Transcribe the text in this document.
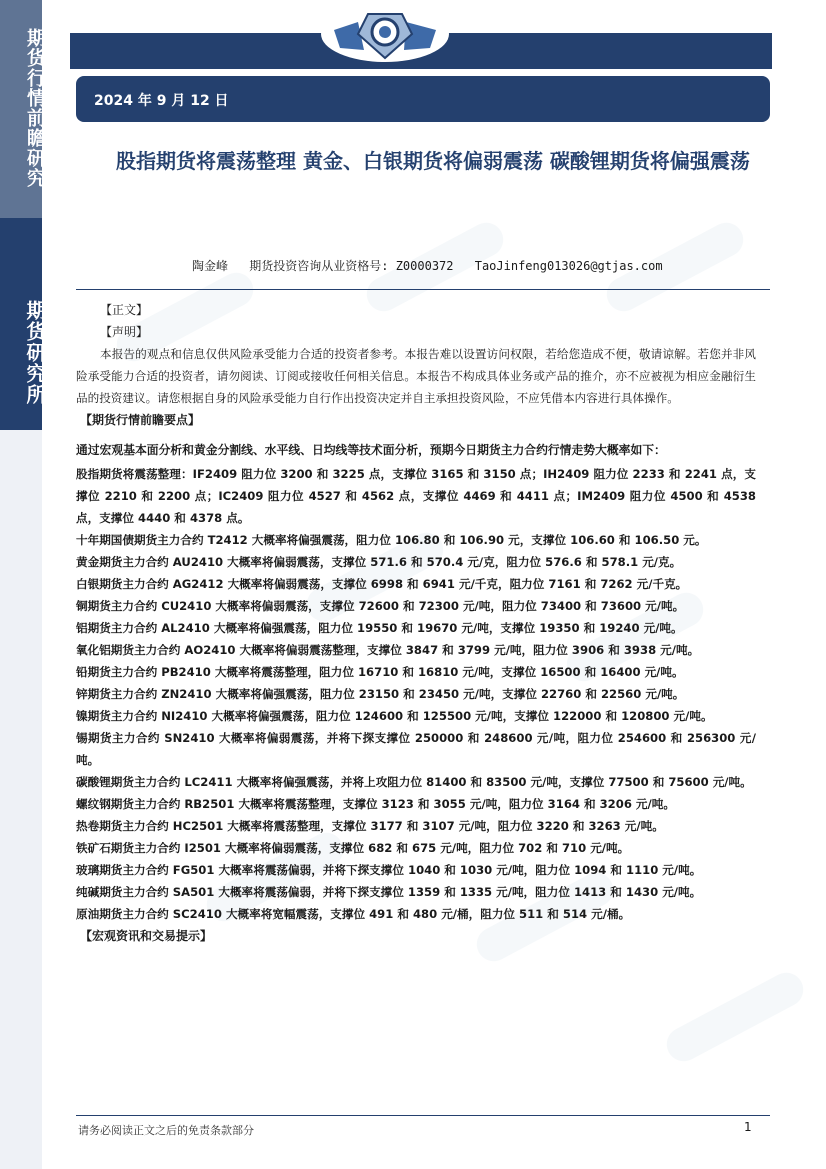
期货行情前瞻研究
期货研究所
2024 年 9 月 12 日
股指期货将震荡整理 黄金、白银期货将偏弱震荡 碳酸锂期货将偏强震荡
陶金峰 期货投资咨询从业资格号: Z0000372 TaoJinfeng013026@gtjas.com
【正文】
【声明】
本报告的观点和信息仅供风险承受能力合适的投资者参考。本报告难以设置访问权限，若给您造成不便，敬请谅解。若您并非风险承受能力合适的投资者，请勿阅读、订阅或接收任何相关信息。本报告不构成具体业务或产品的推介，亦不应被视为相应金融衍生品的投资建议。请您根据自身的风险承受能力自行作出投资决定并自主承担投资风险，不应凭借本内容进行具体操作。
【期货行情前瞻要点】
通过宏观基本面分析和黄金分割线、水平线、日均线等技术面分析，预期今日期货主力合约行情走势大概率如下：
股指期货将震荡整理：IF2409 阻力位 3200 和 3225 点，支撑位 3165 和 3150 点；IH2409 阻力位 2233 和 2241 点，支撑位 2210 和 2200 点；IC2409 阻力位 4527 和 4562 点，支撑位 4469 和 4411 点；IM2409 阻力位 4500 和 4538 点，支撑位 4440 和 4378 点。
十年期国债期货主力合约 T2412 大概率将偏强震荡，阻力位 106.80 和 106.90 元，支撑位 106.60 和 106.50 元。
黄金期货主力合约 AU2410 大概率将偏弱震荡，支撑位 571.6 和 570.4 元/克，阻力位 576.6 和 578.1 元/克。
白银期货主力合约 AG2412 大概率将偏弱震荡，支撑位 6998 和 6941 元/千克，阻力位 7161 和 7262 元/千克。
铜期货主力合约 CU2410 大概率将偏弱震荡，支撑位 72600 和 72300 元/吨，阻力位 73400 和 73600 元/吨。
铝期货主力合约 AL2410 大概率将偏强震荡，阻力位 19550 和 19670 元/吨，支撑位 19350 和 19240 元/吨。
氧化铝期货主力合约 AO2410 大概率将偏弱震荡整理，支撑位 3847 和 3799 元/吨，阻力位 3906 和 3938 元/吨。
铅期货主力合约 PB2410 大概率将震荡整理，阻力位 16710 和 16810 元/吨，支撑位 16500 和 16400 元/吨。
锌期货主力合约 ZN2410 大概率将偏强震荡，阻力位 23150 和 23450 元/吨，支撑位 22760 和 22560 元/吨。
镍期货主力合约 NI2410 大概率将偏强震荡，阻力位 124600 和 125500 元/吨，支撑位 122000 和 120800 元/吨。
锡期货主力合约 SN2410 大概率将偏弱震荡，并将下探支撑位 250000 和 248600 元/吨，阻力位 254600 和 256300 元/吨。
碳酸锂期货主力合约 LC2411 大概率将偏强震荡，并将上攻阻力位 81400 和 83500 元/吨，支撑位 77500 和 75600 元/吨。
螺纹钢期货主力合约 RB2501 大概率将震荡整理，支撑位 3123 和 3055 元/吨，阻力位 3164 和 3206 元/吨。
热卷期货主力合约 HC2501 大概率将震荡整理，支撑位 3177 和 3107 元/吨，阻力位 3220 和 3263 元/吨。
铁矿石期货主力合约 I2501 大概率将偏弱震荡，支撑位 682 和 675 元/吨，阻力位 702 和 710 元/吨。
玻璃期货主力合约 FG501 大概率将震荡偏弱，并将下探支撑位 1040 和 1030 元/吨，阻力位 1094 和 1110 元/吨。
纯碱期货主力合约 SA501 大概率将震荡偏弱，并将下探支撑位 1359 和 1335 元/吨，阻力位 1413 和 1430 元/吨。
原油期货主力合约 SC2410 大概率将宽幅震荡，支撑位 491 和 480 元/桶，阻力位 511 和 514 元/桶。
【宏观资讯和交易提示】
请务必阅读正文之后的免责条款部分	1
